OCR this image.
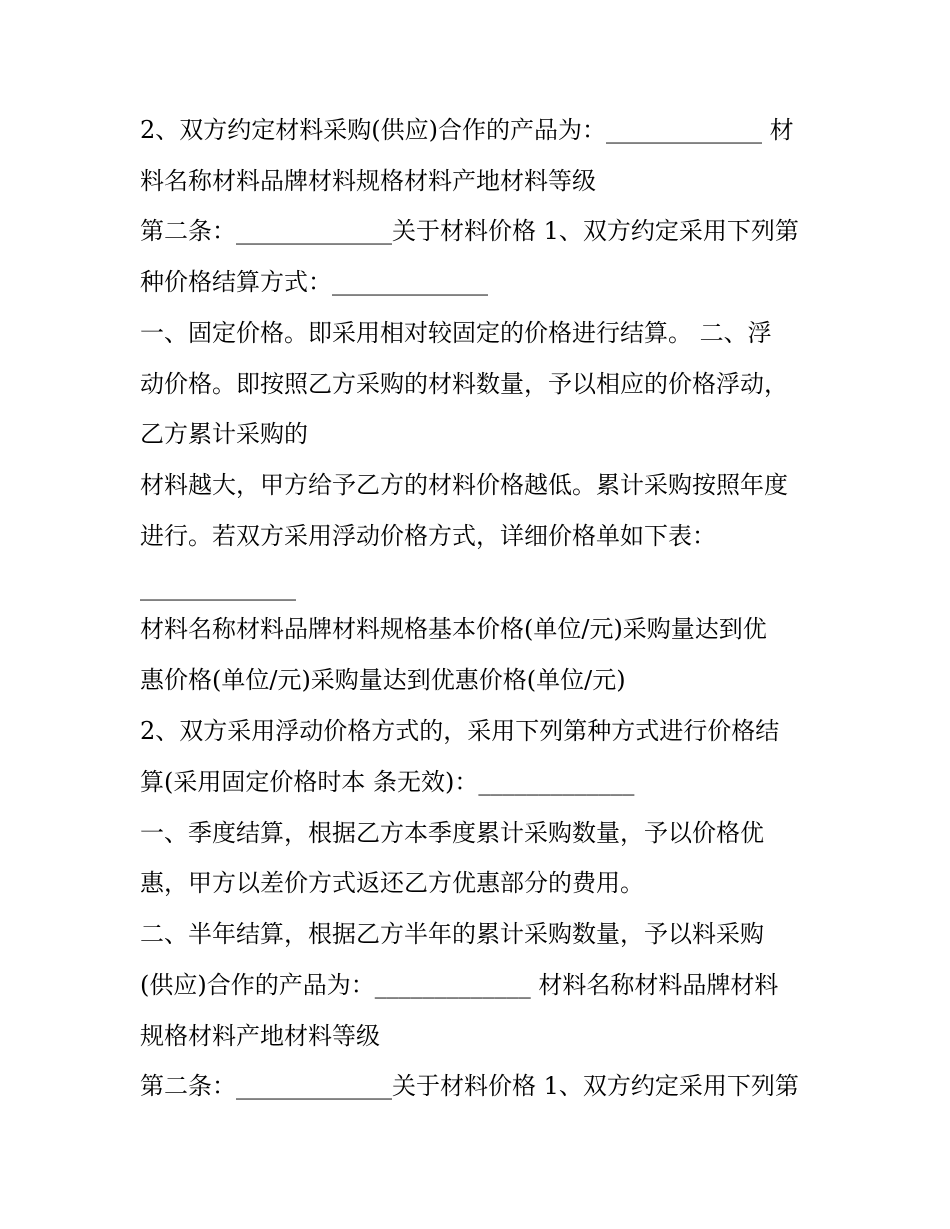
2、双方约定材料采购(供应)合作的产品为：_____________ 材
料名称材料品牌材料规格材料产地材料等级
第二条：_____________关于材料价格 1、双方约定采用下列第
种价格结算方式：_____________
一、固定价格。即采用相对较固定的价格进行结算。 二、浮
动价格。即按照乙方采购的材料数量，予以相应的价格浮动，
乙方累计采购的
材料越大，甲方给予乙方的材料价格越低。累计采购按照年度
进行。若双方采用浮动价格方式，详细价格单如下表：
_____________
材料名称材料品牌材料规格基本价格(单位/元)采购量达到优
惠价格(单位/元)采购量达到优惠价格(单位/元)
2、双方采用浮动价格方式的，采用下列第种方式进行价格结
算(采用固定价格时本 条无效)：_____________
一、季度结算，根据乙方本季度累计采购数量，予以价格优
惠，甲方以差价方式返还乙方优惠部分的费用。
二、半年结算，根据乙方半年的累计采购数量，予以料采购
(供应)合作的产品为：_____________ 材料名称材料品牌材料
规格材料产地材料等级
第二条：_____________关于材料价格 1、双方约定采用下列第
